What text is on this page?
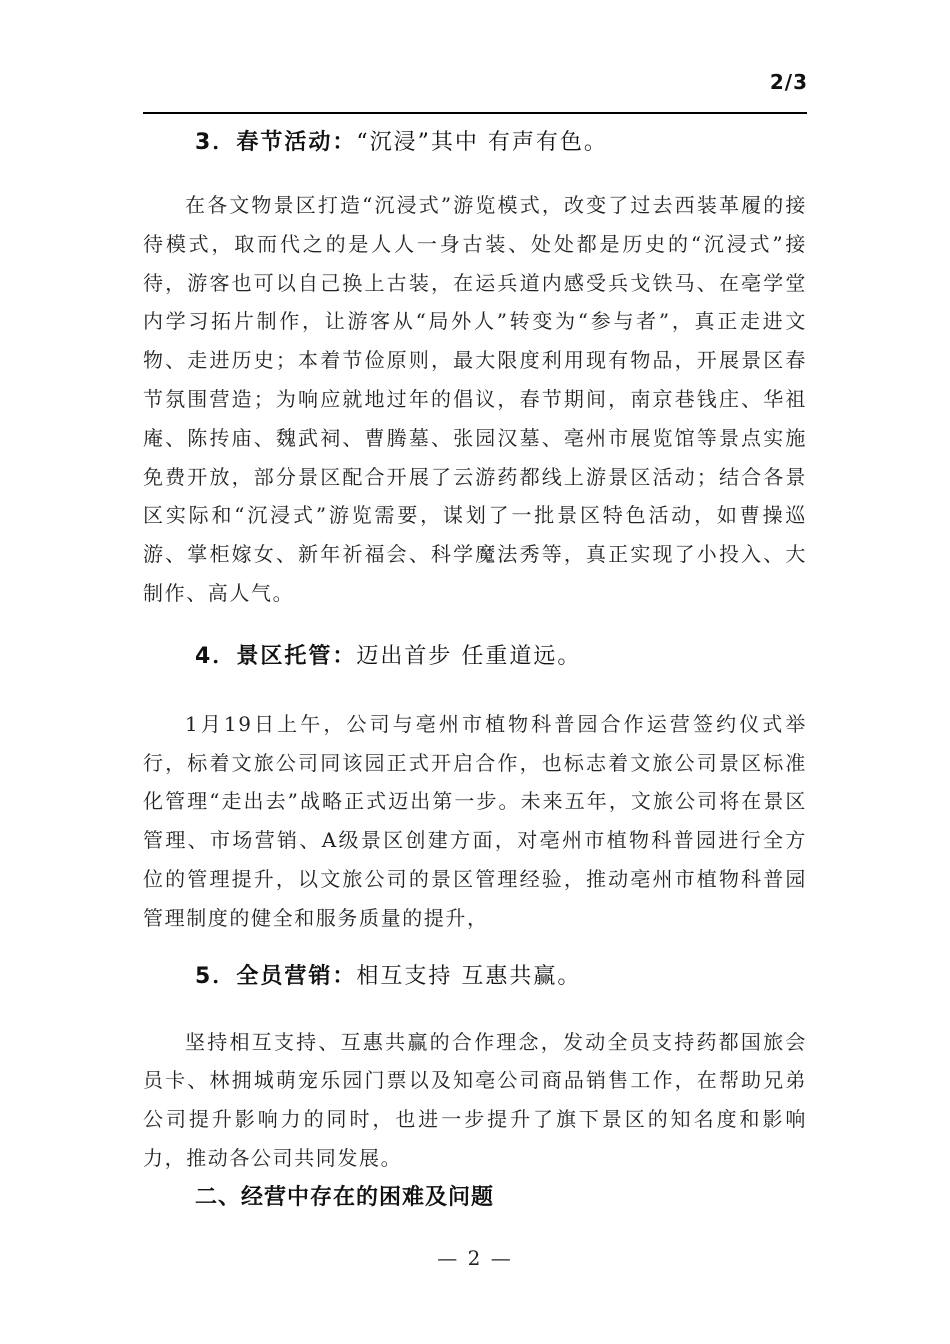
2/3
3．春节活动：“沉浸”其中 有声有色。

在各文物景区打造“沉浸式”游览模式，改变了过去西装革履的接待模式，取而代之的是人人一身古装、处处都是历史的“沉浸式”接待，游客也可以自己换上古装，在运兵道内感受兵戈铁马、在亳学堂内学习拓片制作，让游客从“局外人”转变为“参与者”，真正走进文物、走进历史；本着节俭原则，最大限度利用现有物品，开展景区春节氛围营造；为响应就地过年的倡议，春节期间，南京巷钱庄、华祖庵、陈抟庙、魏武祠、曹腾墓、张园汉墓、亳州市展览馆等景点实施免费开放，部分景区配合开展了云游药都线上游景区活动；结合各景区实际和“沉浸式”游览需要，谋划了一批景区特色活动，如曹操巡游、掌柜嫁女、新年祈福会、科学魔法秀等，真正实现了小投入、大制作、高人气。

4．景区托管：迈出首步 任重道远。

1月19日上午，公司与亳州市植物科普园合作运营签约仪式举行，标着文旅公司同该园正式开启合作，也标志着文旅公司景区标准化管理“走出去”战略正式迈出第一步。未来五年，文旅公司将在景区管理、市场营销、A级景区创建方面，对亳州市植物科普园进行全方位的管理提升，以文旅公司的景区管理经验，推动亳州市植物科普园管理制度的健全和服务质量的提升，

5．全员营销：相互支持 互惠共赢。

坚持相互支持、互惠共赢的合作理念，发动全员支持药都国旅会员卡、林拥城萌宠乐园门票以及知亳公司商品销售工作，在帮助兄弟公司提升影响力的同时，也进一步提升了旗下景区的知名度和影响力，推动各公司共同发展。

二、经营中存在的困难及问题
— 2 —
